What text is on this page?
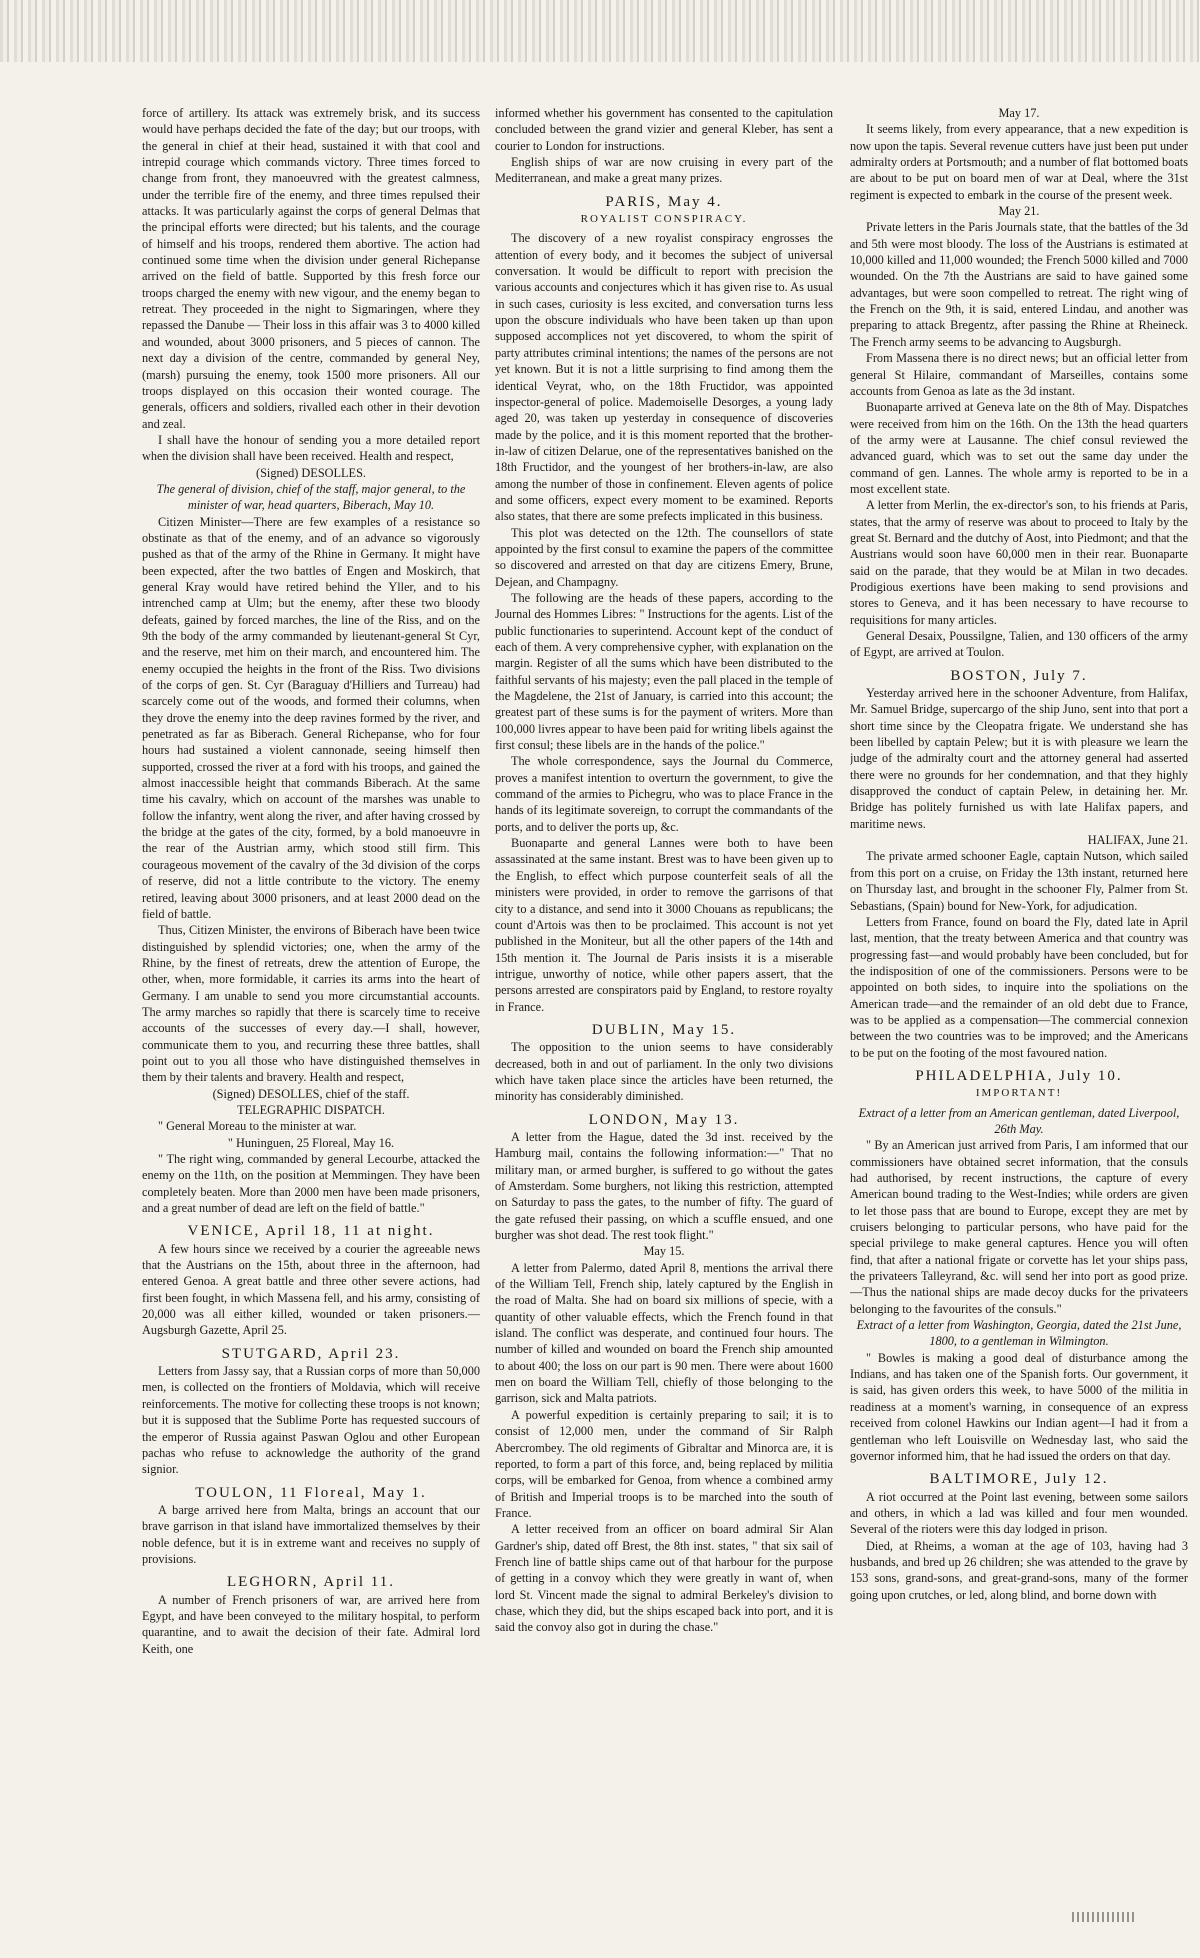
force of artillery. Its attack was extremely brisk, and its success would have perhaps decided the fate of the day; but our troops, with the general in chief at their head, sustained it with that cool and intrepid courage which commands victory. Three times forced to change from front, they manoeuvred with the greatest calmness, under the terrible fire of the enemy, and three times repulsed their attacks. It was particularly against the corps of general Delmas that the principal efforts were directed; but his talents, and the courage of himself and his troops, rendered them abortive. The action had continued some time when the division under general Richepanse arrived on the field of battle. Supported by this fresh force our troops charged the enemy with new vigour, and the enemy began to retreat. They proceeded in the night to Sigmaringen, where they repassed the Danube — Their loss in this affair was 3 to 4000 killed and wounded, about 3000 prisoners, and 5 pieces of cannon. The next day a division of the centre, commanded by general Ney, (marsh) pursuing the enemy, took 1500 more prisoners. All our troops displayed on this occasion their wonted courage. The generals, officers and soldiers, rivalled each other in their devotion and zeal.

I shall have the honour of sending you a more detailed report when the division shall have been received. Health and respect,

(Signed) DESOLLES.

The general of division, chief of the staff, major general, to the minister of war, head quarters, Biberach, May 10.

Citizen Minister—There are few examples of a resistance so obstinate as that of the enemy, and of an advance so vigorously pushed as that of the army of the Rhine in Germany. It might have been expected, after the two battles of Engen and Moskirch, that general Kray would have retired behind the Yller, and to his intrenched camp at Ulm; but the enemy, after these two bloody defeats, gained by forced marches, the line of the Riss, and on the 9th the body of the army commanded by lieutenant-general St Cyr, and the reserve, met him on their march, and encountered him. The enemy occupied the heights in the front of the Riss. Two divisions of the corps of gen. St. Cyr (Baraguay d'Hilliers and Turreau) had scarcely come out of the woods, and formed their columns, when they drove the enemy into the deep ravines formed by the river, and penetrated as far as Biberach. General Richepanse, who for four hours had sustained a violent cannonade, seeing himself then supported, crossed the river at a ford with his troops, and gained the almost inaccessible height that commands Biberach. At the same time his cavalry, which on account of the marshes was unable to follow the infantry, went along the river, and after having crossed by the bridge at the gates of the city, formed, by a bold manoeuvre in the rear of the Austrian army, which stood still firm. This courageous movement of the cavalry of the 3d division of the corps of reserve, did not a little contribute to the victory. The enemy retired, leaving about 3000 prisoners, and at least 2000 dead on the field of battle.

Thus, Citizen Minister, the environs of Biberach have been twice distinguished by splendid victories; one, when the army of the Rhine, by the finest of retreats, drew the attention of Europe, the other, when, more formidable, it carries its arms into the heart of Germany. I am unable to send you more circumstantial accounts. The army marches so rapidly that there is scarcely time to receive accounts of the successes of every day.—I shall, however, communicate them to you, and recurring these three battles, shall point out to you all those who have distinguished themselves in them by their talents and bravery. Health and respect,

(Signed) DESOLLES, chief of the staff.

TELEGRAPHIC DISPATCH.

" General Moreau to the minister at war.

" Huninguen, 25 Floreal, May 16.

" The right wing, commanded by general Lecourbe, attacked the enemy on the 11th, on the position at Memmingen. They have been completely beaten. More than 2000 men have been made prisoners, and a great number of dead are left on the field of battle."

VENICE, April 18, 11 at night.

A few hours since we received by a courier the agreeable news that the Austrians on the 15th, about three in the afternoon, had entered Genoa. A great battle and three other severe actions, had first been fought, in which Massena fell, and his army, consisting of 20,000 was all either killed, wounded or taken prisoners.—Augsburgh Gazette, April 25.

STUTGARD, April 23.

Letters from Jassy say, that a Russian corps of more than 50,000 men, is collected on the frontiers of Moldavia, which will receive reinforcements. The motive for collecting these troops is not known; but it is supposed that the Sublime Porte has requested succours of the emperor of Russia against Paswan Oglou and other European pachas who refuse to acknowledge the authority of the grand signior.

TOULON, 11 Floreal, May 1.

A barge arrived here from Malta, brings an account that our brave garrison in that island have immortalized themselves by their noble defence, but it is in extreme want and receives no supply of provisions.

LEGHORN, April 11.

A number of French prisoners of war, are arrived here from Egypt, and have been conveyed to the military hospital, to perform quarantine, and to await the decision of their fate. Admiral lord Keith, one

informed whether his government has consented to the capitulation concluded between the grand vizier and general Kleber, has sent a courier to London for instructions.

English ships of war are now cruising in every part of the Mediterranean, and make a great many prizes.

PARIS, May 4.
ROYALIST CONSPIRACY.

The discovery of a new royalist conspiracy engrosses the attention of every body, and it becomes the subject of universal conversation. It would be difficult to report with precision the various accounts and conjectures which it has given rise to. As usual in such cases, curiosity is less excited, and conversation turns less upon the obscure individuals who have been taken up than upon supposed accomplices not yet discovered, to whom the spirit of party attributes criminal intentions; the names of the persons are not yet known. But it is not a little surprising to find among them the identical Veyrat, who, on the 18th Fructidor, was appointed inspector-general of police. Mademoiselle Desorges, a young lady aged 20, was taken up yesterday in consequence of discoveries made by the police, and it is this moment reported that the brother-in-law of citizen Delarue, one of the representatives banished on the 18th Fructidor, and the youngest of her brothers-in-law, are also among the number of those in confinement. Eleven agents of police and some officers, expect every moment to be examined. Reports also states, that there are some prefects implicated in this business.

This plot was detected on the 12th. The counsellors of state appointed by the first consul to examine the papers of the committee so discovered and arrested on that day are citizens Emery, Brune, Dejean, and Champagny.

The following are the heads of these papers, according to the Journal des Hommes Libres: " Instructions for the agents. List of the public functionaries to superintend. Account kept of the conduct of each of them. A very comprehensive cypher, with explanation on the margin. Register of all the sums which have been distributed to the faithful servants of his majesty; even the pall placed in the temple of the Magdelene, the 21st of January, is carried into this account; the greatest part of these sums is for the payment of writers. More than 100,000 livres appear to have been paid for writing libels against the first consul; these libels are in the hands of the police."

The whole correspondence, says the Journal du Commerce, proves a manifest intention to overturn the government, to give the command of the armies to Pichegru, who was to place France in the hands of its legitimate sovereign, to corrupt the commandants of the ports, and to deliver the ports up, &c.

Buonaparte and general Lannes were both to have been assassinated at the same instant. Brest was to have been given up to the English, to effect which purpose counterfeit seals of all the ministers were provided, in order to remove the garrisons of that city to a distance, and send into it 3000 Chouans as republicans; the count d'Artois was then to be proclaimed. This account is not yet published in the Moniteur, but all the other papers of the 14th and 15th mention it. The Journal de Paris insists it is a miserable intrigue, unworthy of notice, while other papers assert, that the persons arrested are conspirators paid by England, to restore royalty in France.

DUBLIN, May 15.

The opposition to the union seems to have considerably decreased, both in and out of parliament. In the only two divisions which have taken place since the articles have been returned, the minority has considerably diminished.

LONDON, May 13.

A letter from the Hague, dated the 3d inst. received by the Hamburg mail, contains the following information:—" That no military man, or armed burgher, is suffered to go without the gates of Amsterdam. Some burghers, not liking this restriction, attempted on Saturday to pass the gates, to the number of fifty. The guard of the gate refused their passing, on which a scuffle ensued, and one burgher was shot dead. The rest took flight."

May 15.

A letter from Palermo, dated April 8, mentions the arrival there of the William Tell, French ship, lately captured by the English in the road of Malta. She had on board six millions of specie, with a quantity of other valuable effects, which the French found in that island. The conflict was desperate, and continued four hours. The number of killed and wounded on board the French ship amounted to about 400; the loss on our part is 90 men. There were about 1600 men on board the William Tell, chiefly of those belonging to the garrison, sick and Malta patriots.

A powerful expedition is certainly preparing to sail; it is to consist of 12,000 men, under the command of Sir Ralph Abercrombey. The old regiments of Gibraltar and Minorca are, it is reported, to form a part of this force, and, being replaced by militia corps, will be embarked for Genoa, from whence a combined army of British and Imperial troops is to be marched into the south of France.

A letter received from an officer on board admiral Sir Alan Gardner's ship, dated off Brest, the 8th inst. states, " that six sail of French line of battle ships came out of that harbour for the purpose of getting in a convoy which they were greatly in want of, when lord St. Vincent made the signal to admiral Berkeley's division to chase, which they did, but the ships escaped back into port, and it is said the convoy also got in during the chase."

May 17.

It seems likely, from every appearance, that a new expedition is now upon the tapis. Several revenue cutters have just been put under admiralty orders at Portsmouth; and a number of flat bottomed boats are about to be put on board men of war at Deal, where the 31st regiment is expected to embark in the course of the present week.

May 21.

Private letters in the Paris Journals state, that the battles of the 3d and 5th were most bloody. The loss of the Austrians is estimated at 10,000 killed and 11,000 wounded; the French 5000 killed and 7000 wounded. On the 7th the Austrians are said to have gained some advantages, but were soon compelled to retreat. The right wing of the French on the 9th, it is said, entered Lindau, and another was preparing to attack Bregentz, after passing the Rhine at Rheineck. The French army seems to be advancing to Augsburgh.

From Massena there is no direct news; but an official letter from general St Hilaire, commandant of Marseilles, contains some accounts from Genoa as late as the 3d instant.

Buonaparte arrived at Geneva late on the 8th of May. Dispatches were received from him on the 16th. On the 13th the head quarters of the army were at Lausanne. The chief consul reviewed the advanced guard, which was to set out the same day under the command of gen. Lannes. The whole army is reported to be in a most excellent state.

A letter from Merlin, the ex-director's son, to his friends at Paris, states, that the army of reserve was about to proceed to Italy by the great St. Bernard and the dutchy of Aost, into Piedmont; and that the Austrians would soon have 60,000 men in their rear. Buonaparte said on the parade, that they would be at Milan in two decades. Prodigious exertions have been making to send provisions and stores to Geneva, and it has been necessary to have recourse to requisitions for many articles.

General Desaix, Poussilgne, Talien, and 130 officers of the army of Egypt, are arrived at Toulon.

BOSTON, July 7.

Yesterday arrived here in the schooner Adventure, from Halifax, Mr. Samuel Bridge, supercargo of the ship Juno, sent into that port a short time since by the Cleopatra frigate. We understand she has been libelled by captain Pelew; but it is with pleasure we learn the judge of the admiralty court and the attorney general had asserted there were no grounds for her condemnation, and that they highly disapproved the conduct of captain Pelew, in detaining her. Mr. Bridge has politely furnished us with late Halifax papers, and maritime news.

HALIFAX, June 21.

The private armed schooner Eagle, captain Nutson, which sailed from this port on a cruise, on Friday the 13th instant, returned here on Thursday last, and brought in the schooner Fly, Palmer from St. Sebastians, (Spain) bound for New-York, for adjudication.

Letters from France, found on board the Fly, dated late in April last, mention, that the treaty between America and that country was progressing fast—and would probably have been concluded, but for the indisposition of one of the commissioners. Persons were to be appointed on both sides, to inquire into the spoliations on the American trade—and the remainder of an old debt due to France, was to be applied as a compensation—The commercial connexion between the two countries was to be improved; and the Americans to be put on the footing of the most favoured nation.

PHILADELPHIA, July 10.
IMPORTANT!

Extract of a letter from an American gentleman, dated Liverpool, 26th May.

" By an American just arrived from Paris, I am informed that our commissioners have obtained secret information, that the consuls had authorised, by recent instructions, the capture of every American bound trading to the West-Indies; while orders are given to let those pass that are bound to Europe, except they are met by cruisers belonging to particular persons, who have paid for the special privilege to make general captures. Hence you will often find, that after a national frigate or corvette has let your ships pass, the privateers Talleyrand, &c. will send her into port as good prize.—Thus the national ships are made decoy ducks for the privateers belonging to the favourites of the consuls."

Extract of a letter from Washington, Georgia, dated the 21st June, 1800, to a gentleman in Wilmington.

" Bowles is making a good deal of disturbance among the Indians, and has taken one of the Spanish forts. Our government, it is said, has given orders this week, to have 5000 of the militia in readiness at a moment's warning, in consequence of an express received from colonel Hawkins our Indian agent—I had it from a gentleman who left Louisville on Wednesday last, who said the governor informed him, that he had issued the orders on that day.

BALTIMORE, July 12.

A riot occurred at the Point last evening, between some sailors and others, in which a lad was killed and four men wounded. Several of the rioters were this day lodged in prison.

Died, at Rheims, a woman at the age of 103, having had 3 husbands, and bred up 26 children; she was attended to the grave by 153 sons, grand-sons, and great-grand-sons, many of the former going upon crutches, or led, along blind, and borne down with
